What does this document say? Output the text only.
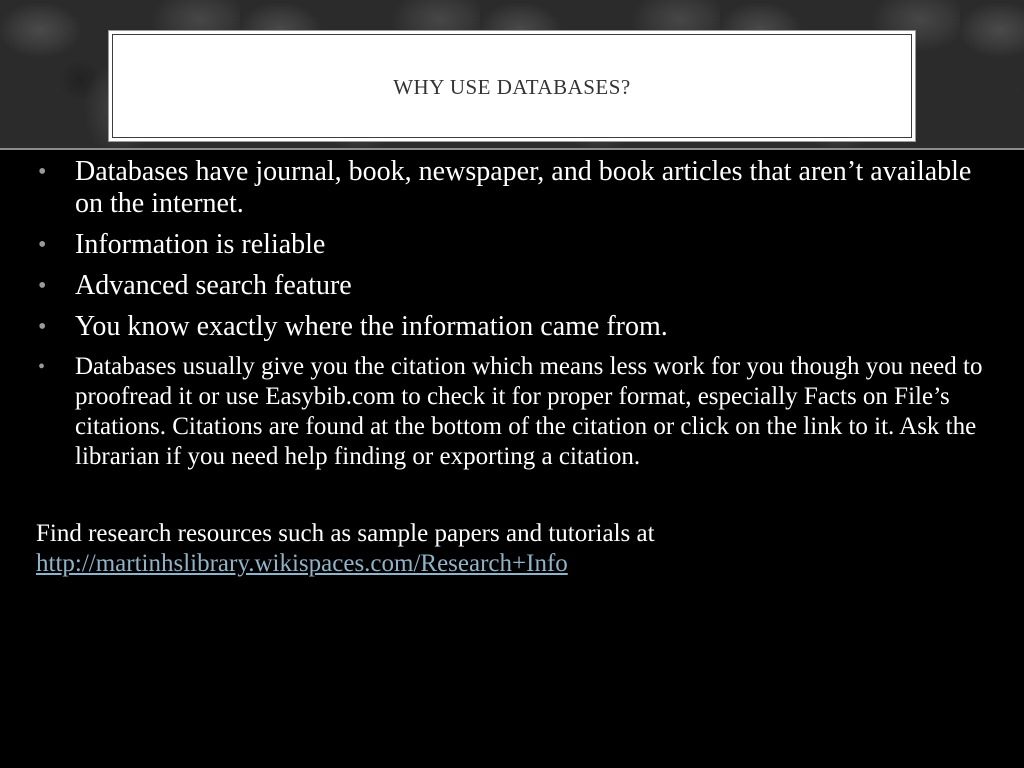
WHY USE DATABASES?
• Databases have journal, book, newspaper, and book articles that aren’t available on the internet.
• Information is reliable
• Advanced search feature
• You know exactly where the information came from.
• Databases usually give you the citation which means less work for you though you need to proofread it or use Easybib.com to check it for proper format, especially Facts on File’s citations. Citations are found at the bottom of the citation or click on the link to it. Ask the librarian if you need help finding or exporting a citation.
Find research resources such as sample papers and tutorials at
http://martinhslibrary.wikispaces.com/Research+Info
